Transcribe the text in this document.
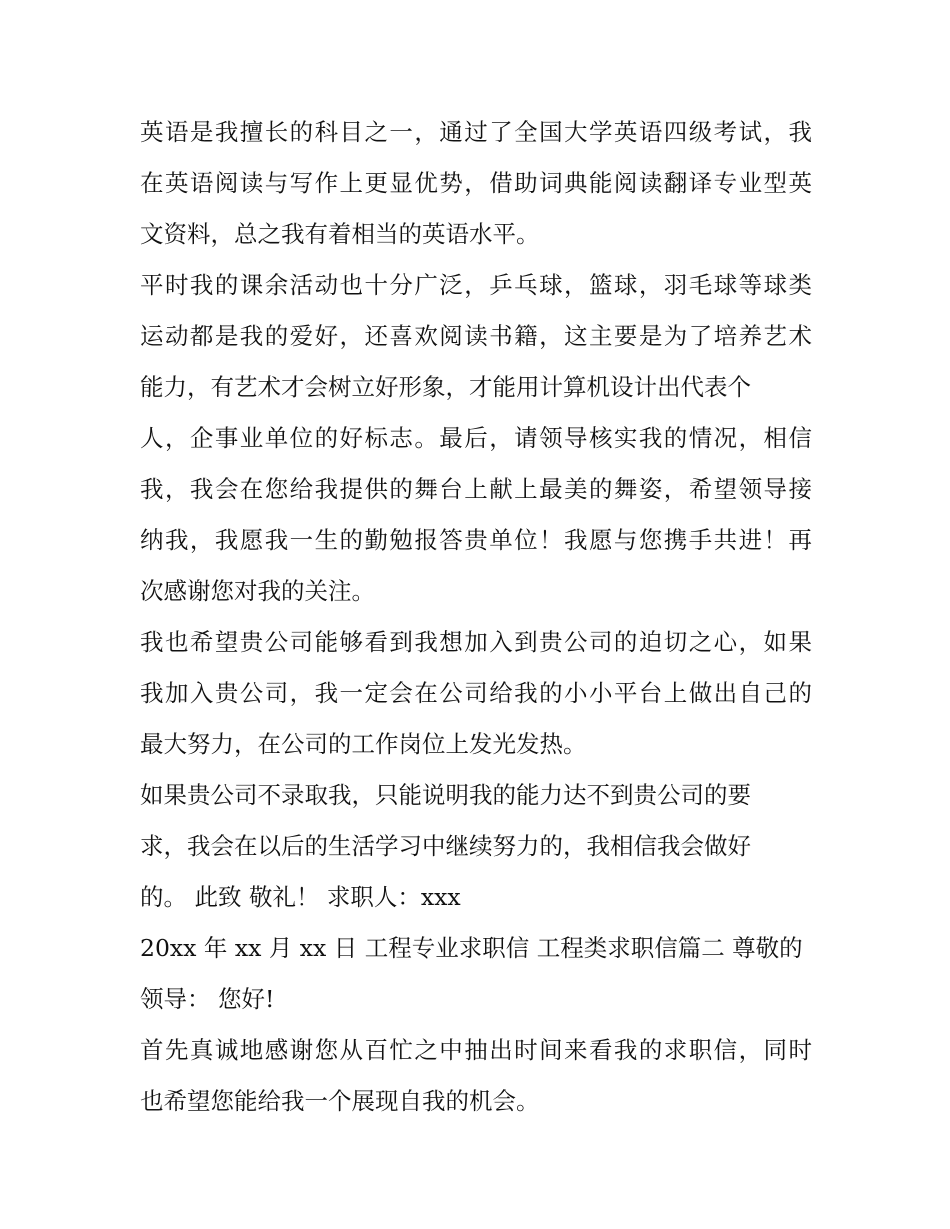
英语是我擅长的科目之一，通过了全国大学英语四级考试，我
在英语阅读与写作上更显优势，借助词典能阅读翻译专业型英
文资料，总之我有着相当的英语水平。
平时我的课余活动也十分广泛，乒乓球，篮球，羽毛球等球类
运动都是我的爱好，还喜欢阅读书籍，这主要是为了培养艺术
能力，有艺术才会树立好形象，才能用计算机设计出代表个
人，企事业单位的好标志。最后，请领导核实我的情况，相信
我，我会在您给我提供的舞台上献上最美的舞姿，希望领导接
纳我，我愿我一生的勤勉报答贵单位！我愿与您携手共进！再
次感谢您对我的关注。
我也希望贵公司能够看到我想加入到贵公司的迫切之心，如果
我加入贵公司，我一定会在公司给我的小小平台上做出自己的
最大努力，在公司的工作岗位上发光发热。
如果贵公司不录取我，只能说明我的能力达不到贵公司的要
求，我会在以后的生活学习中继续努力的，我相信我会做好
的。 此致 敬礼！ 求职人：xxx
20xx 年 xx 月 xx 日 工程专业求职信 工程类求职信篇二 尊敬的
领导： 您好!
首先真诚地感谢您从百忙之中抽出时间来看我的求职信，同时
也希望您能给我一个展现自我的机会。
